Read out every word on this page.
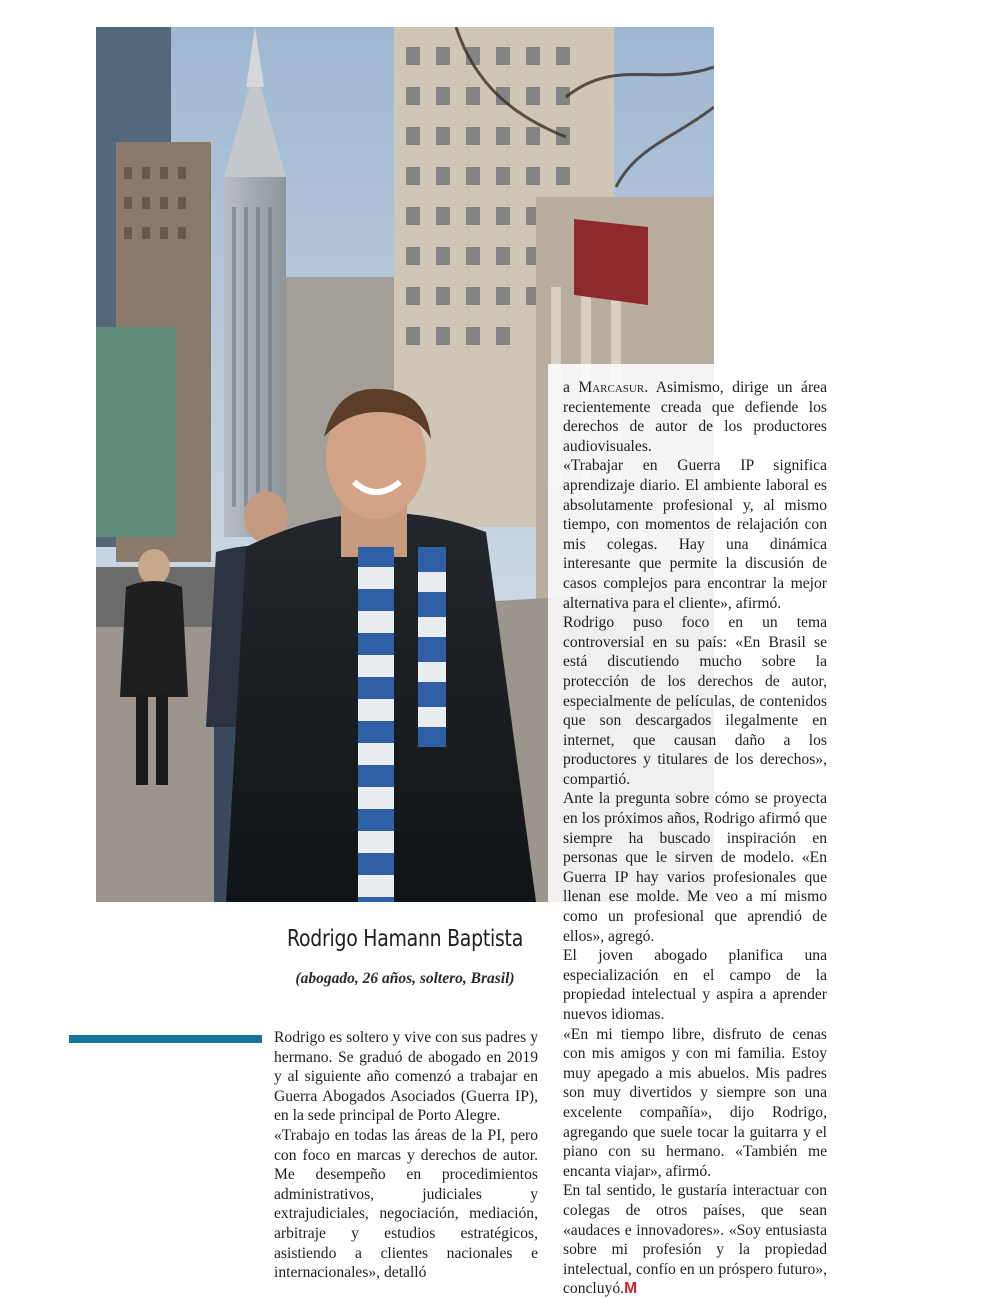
Rodrigo Hamann Baptista
(abogado, 26 años, soltero, Brasil)

Rodrigo es soltero y vive con sus padres y hermano. Se graduó de abogado en 2019 y al siguiente año comenzó a trabajar en Guerra Abogados Asociados (Guerra IP), en la sede principal de Porto Alegre.

«Trabajo en todas las áreas de la PI, pero con foco en marcas y derechos de autor. Me desempeño en procedimientos administrativos, judiciales y extrajudiciales, negociación, mediación, arbitraje y estudios estratégicos, asistiendo a clientes nacionales e internacionales», detalló

a Marcasur. Asimismo, dirige un área recientemente creada que defiende los derechos de autor de los productores audiovisuales.

«Trabajar en Guerra IP significa aprendizaje diario. El ambiente laboral es absolutamente profesional y, al mismo tiempo, con momentos de relajación con mis colegas. Hay una dinámica interesante que permite la discusión de casos complejos para encontrar la mejor alternativa para el cliente», afirmó.

Rodrigo puso foco en un tema controversial en su país: «En Brasil se está discutiendo mucho sobre la protección de los derechos de autor, especialmente de películas, de contenidos que son descargados ilegalmente en internet, que causan daño a los productores y titulares de los derechos», compartió.

Ante la pregunta sobre cómo se proyecta en los próximos años, Rodrigo afirmó que siempre ha buscado inspiración en personas que le sirven de modelo. «En Guerra IP hay varios profesionales que llenan ese molde. Me veo a mí mismo como un profesional que aprendió de ellos», agregó.

El joven abogado planifica una especialización en el campo de la propiedad intelectual y aspira a aprender nuevos idiomas.

«En mi tiempo libre, disfruto de cenas con mis amigos y con mi familia. Estoy muy apegado a mis abuelos. Mis padres son muy divertidos y siempre son una excelente compañía», dijo Rodrigo, agregando que suele tocar la guitarra y el piano con su hermano. «También me encanta viajar», afirmó.

En tal sentido, le gustaría interactuar con colegas de otros países, que sean «audaces e innovadores». «Soy entusiasta sobre mi profesión y la propiedad intelectual, confío en un próspero futuro», concluyó.M
